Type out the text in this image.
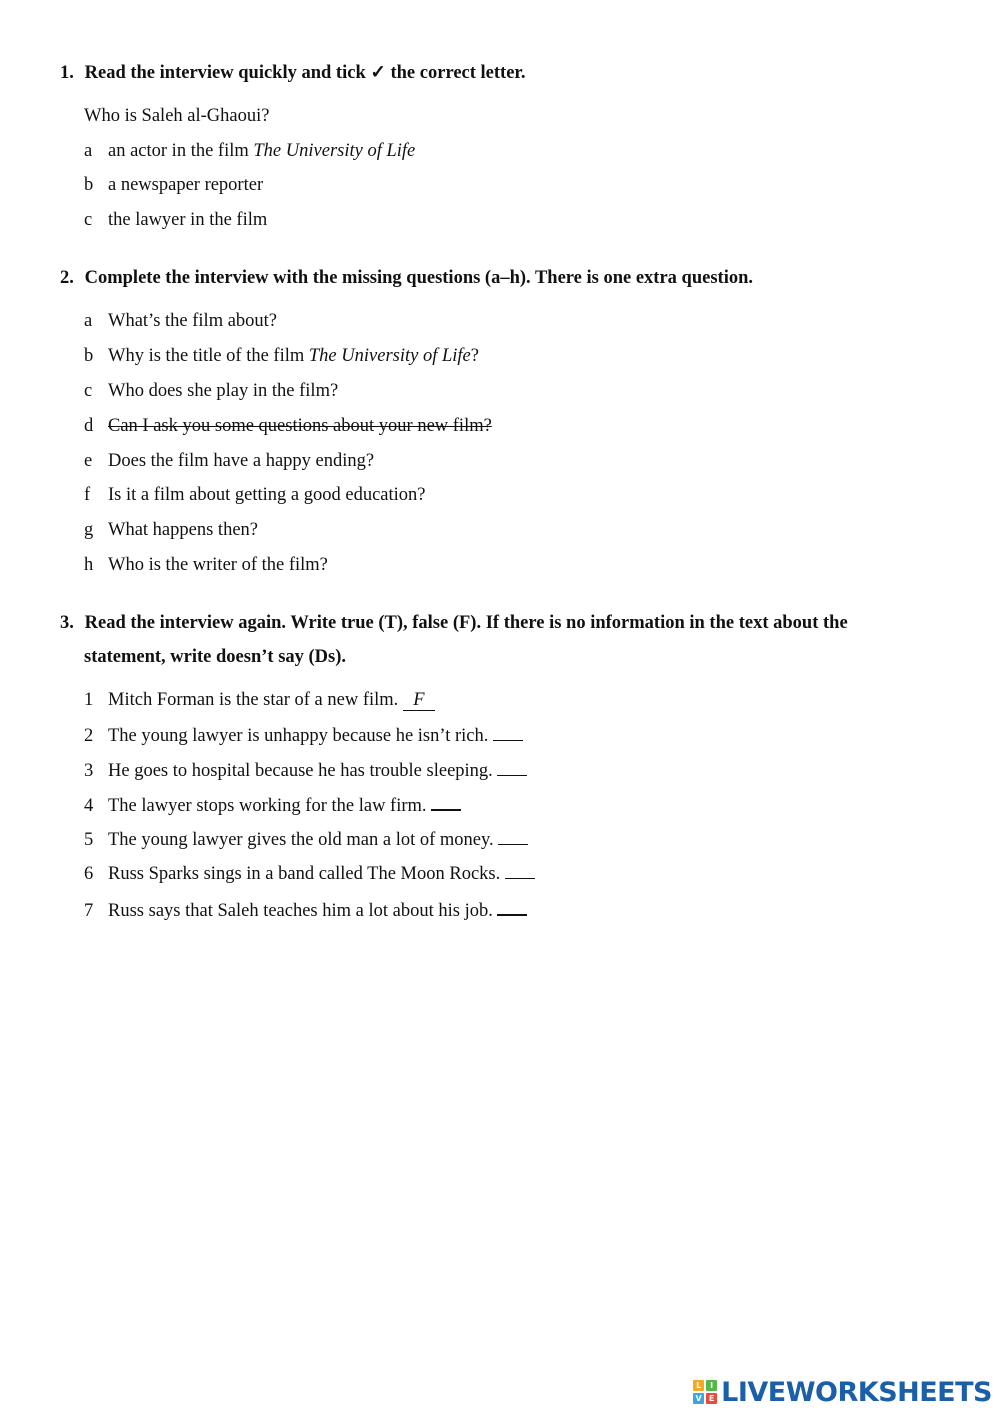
1. Read the interview quickly and tick ✓ the correct letter.
Who is Saleh al-Ghaoui?
a an actor in the film The University of Life
b a newspaper reporter
c the lawyer in the film
2. Complete the interview with the missing questions (a–h). There is one extra question.
a What’s the film about?
b Why is the title of the film The University of Life?
c Who does she play in the film?
d Can I ask you some questions about your new film?
e Does the film have a happy ending?
f Is it a film about getting a good education?
g What happens then?
h Who is the writer of the film?
3. Read the interview again. Write true (T), false (F). If there is no information in the text about the
statement, write doesn’t say (Ds).
1 Mitch Forman is the star of a new film. F
2 The young lawyer is unhappy because he isn’t rich.
3 He goes to hospital because he has trouble sleeping.
4 The lawyer stops working for the law firm.
5 The young lawyer gives the old man a lot of money.
6 Russ Sparks sings in a band called The Moon Rocks.
7 Russ says that Saleh teaches him a lot about his job.
L	I
V E LIVEWORKSHEETS
